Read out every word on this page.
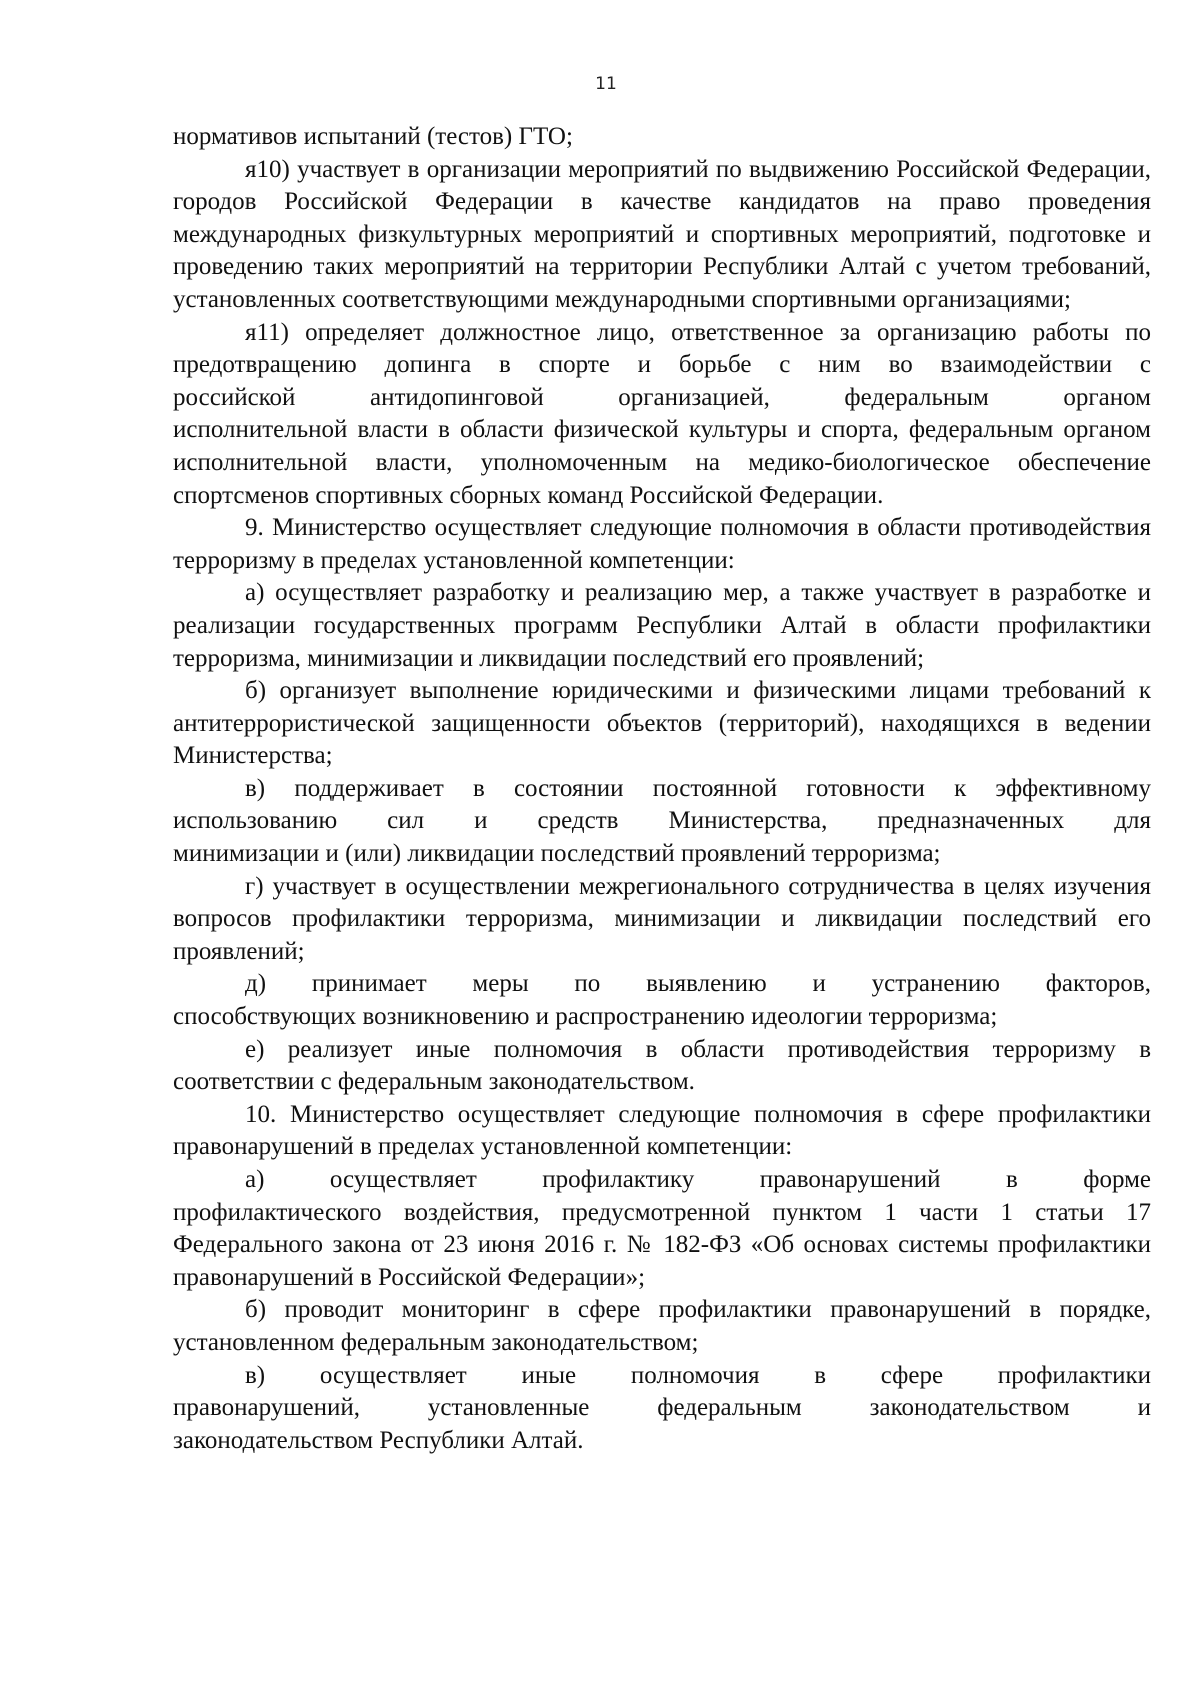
11

нормативов испытаний (тестов) ГТО;

я10) участвует в организации мероприятий по выдвижению Российской Федерации, городов Российской Федерации в качестве кандидатов на право проведения международных физкультурных мероприятий и спортивных мероприятий, подготовке и проведению таких мероприятий на территории Республики Алтай с учетом требований, установленных соответствующими международными спортивными организациями;

я11) определяет должностное лицо, ответственное за организацию работы по предотвращению допинга в спорте и борьбе с ним во взаимодействии с

российской антидопинговой организацией, федеральным органом

исполнительной власти в области физической культуры и спорта, федеральным органом исполнительной власти, уполномоченным на медико-биологическое обеспечение спортсменов спортивных сборных команд Российской Федерации.

9. Министерство осуществляет следующие полномочия в области противодействия терроризму в пределах установленной компетенции:

а) осуществляет разработку и реализацию мер, а также участвует в разработке и реализации государственных программ Республики Алтай в области профилактики терроризма, минимизации и ликвидации последствий его проявлений;

б) организует выполнение юридическими и физическими лицами требований к антитеррористической защищенности объектов (территорий), находящихся в ведении Министерства;

в) поддерживает в состоянии постоянной готовности к эффективному

использованию сил и средств Министерства, предназначенных для

минимизации и (или) ликвидации последствий проявлений терроризма;

г) участвует в осуществлении межрегионального сотрудничества в целях изучения вопросов профилактики терроризма, минимизации и ликвидации последствий его проявлений;

д) принимает меры по выявлению и устранению факторов,

способствующих возникновению и распространению идеологии терроризма;

е) реализует иные полномочия в области противодействия терроризму в соответствии с федеральным законодательством.

10. Министерство осуществляет следующие полномочия в сфере профилактики правонарушений в пределах установленной компетенции:

а) осуществляет профилактику правонарушений в форме

профилактического воздействия, предусмотренной пунктом 1 части 1 статьи 17 Федерального закона от 23 июня 2016 г. № 182-ФЗ «Об основах системы профилактики правонарушений в Российской Федерации»;

б) проводит мониторинг в сфере профилактики правонарушений в порядке, установленном федеральным законодательством;

в) осуществляет иные полномочия в сфере профилактики

правонарушений, установленные федеральным законодательством и

законодательством Республики Алтай.
